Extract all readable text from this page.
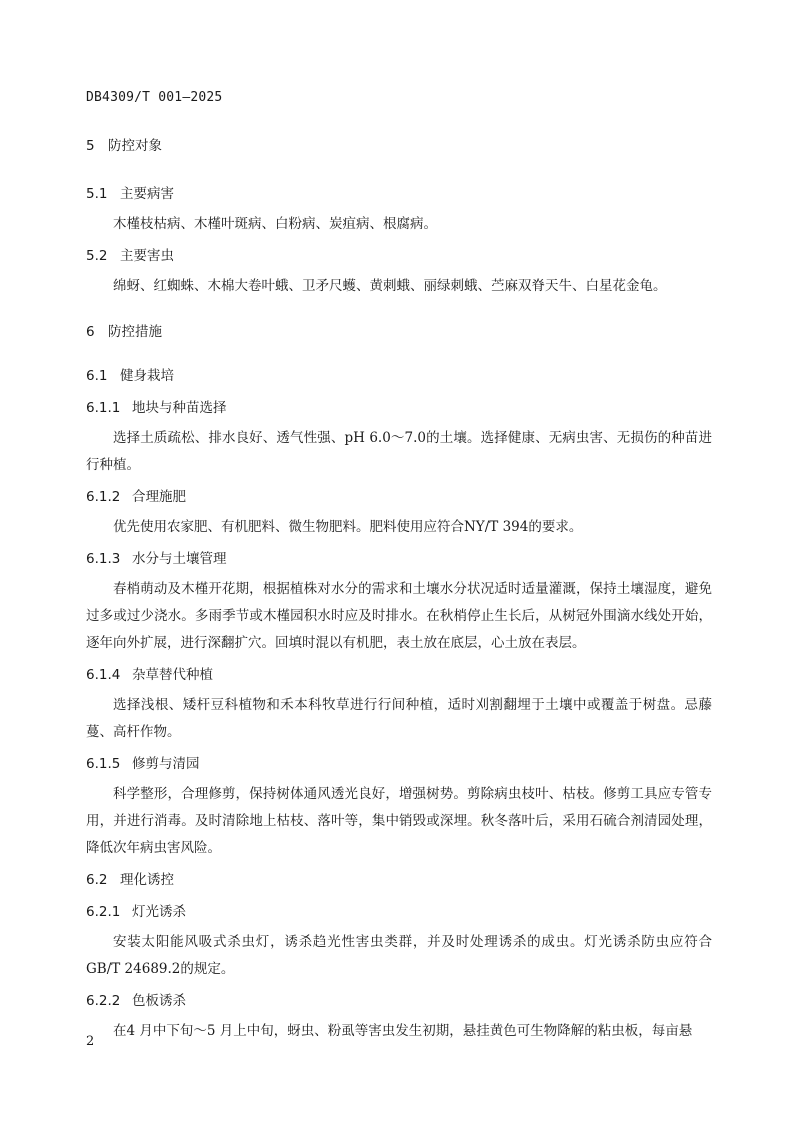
DB4309/T 001—2025
5 防控对象
5.1 主要病害

木槿枝枯病、木槿叶斑病、白粉病、炭疽病、根腐病。

5.2 主要害虫

绵蚜、红蜘蛛、木棉大卷叶蛾、卫矛尺蠖、黄刺蛾、丽绿刺蛾、苎麻双脊天牛、白星花金龟。

6 防控措施
6.1 健身栽培
6.1.1 地块与种苗选择

选择土质疏松、排水良好、透气性强、pH 6.0～7.0的土壤。选择健康、无病虫害、无损伤的种苗进行种植。

6.1.2 合理施肥

优先使用农家肥、有机肥料、微生物肥料。肥料使用应符合NY/T 394的要求。

6.1.3 水分与土壤管理

春梢萌动及木槿开花期，根据植株对水分的需求和土壤水分状况适时适量灌溉，保持土壤湿度，避免过多或过少浇水。多雨季节或木槿园积水时应及时排水。在秋梢停止生长后，从树冠外围滴水线处开始，逐年向外扩展，进行深翻扩穴。回填时混以有机肥，表土放在底层，心土放在表层。

6.1.4 杂草替代种植

选择浅根、矮杆豆科植物和禾本科牧草进行行间种植，适时刈割翻埋于土壤中或覆盖于树盘。忌藤蔓、高杆作物。

6.1.5 修剪与清园

科学整形，合理修剪，保持树体通风透光良好，增强树势。剪除病虫枝叶、枯枝。修剪工具应专管专用，并进行消毒。及时清除地上枯枝、落叶等，集中销毁或深埋。秋冬落叶后，采用石硫合剂清园处理，降低次年病虫害风险。

6.2 理化诱控
6.2.1 灯光诱杀

安装太阳能风吸式杀虫灯，诱杀趋光性害虫类群，并及时处理诱杀的成虫。灯光诱杀防虫应符合GB/T 24689.2的规定。

6.2.2 色板诱杀

在4 月中下旬～5 月上中旬，蚜虫、粉虱等害虫发生初期，悬挂黄色可生物降解的粘虫板，每亩悬

2
